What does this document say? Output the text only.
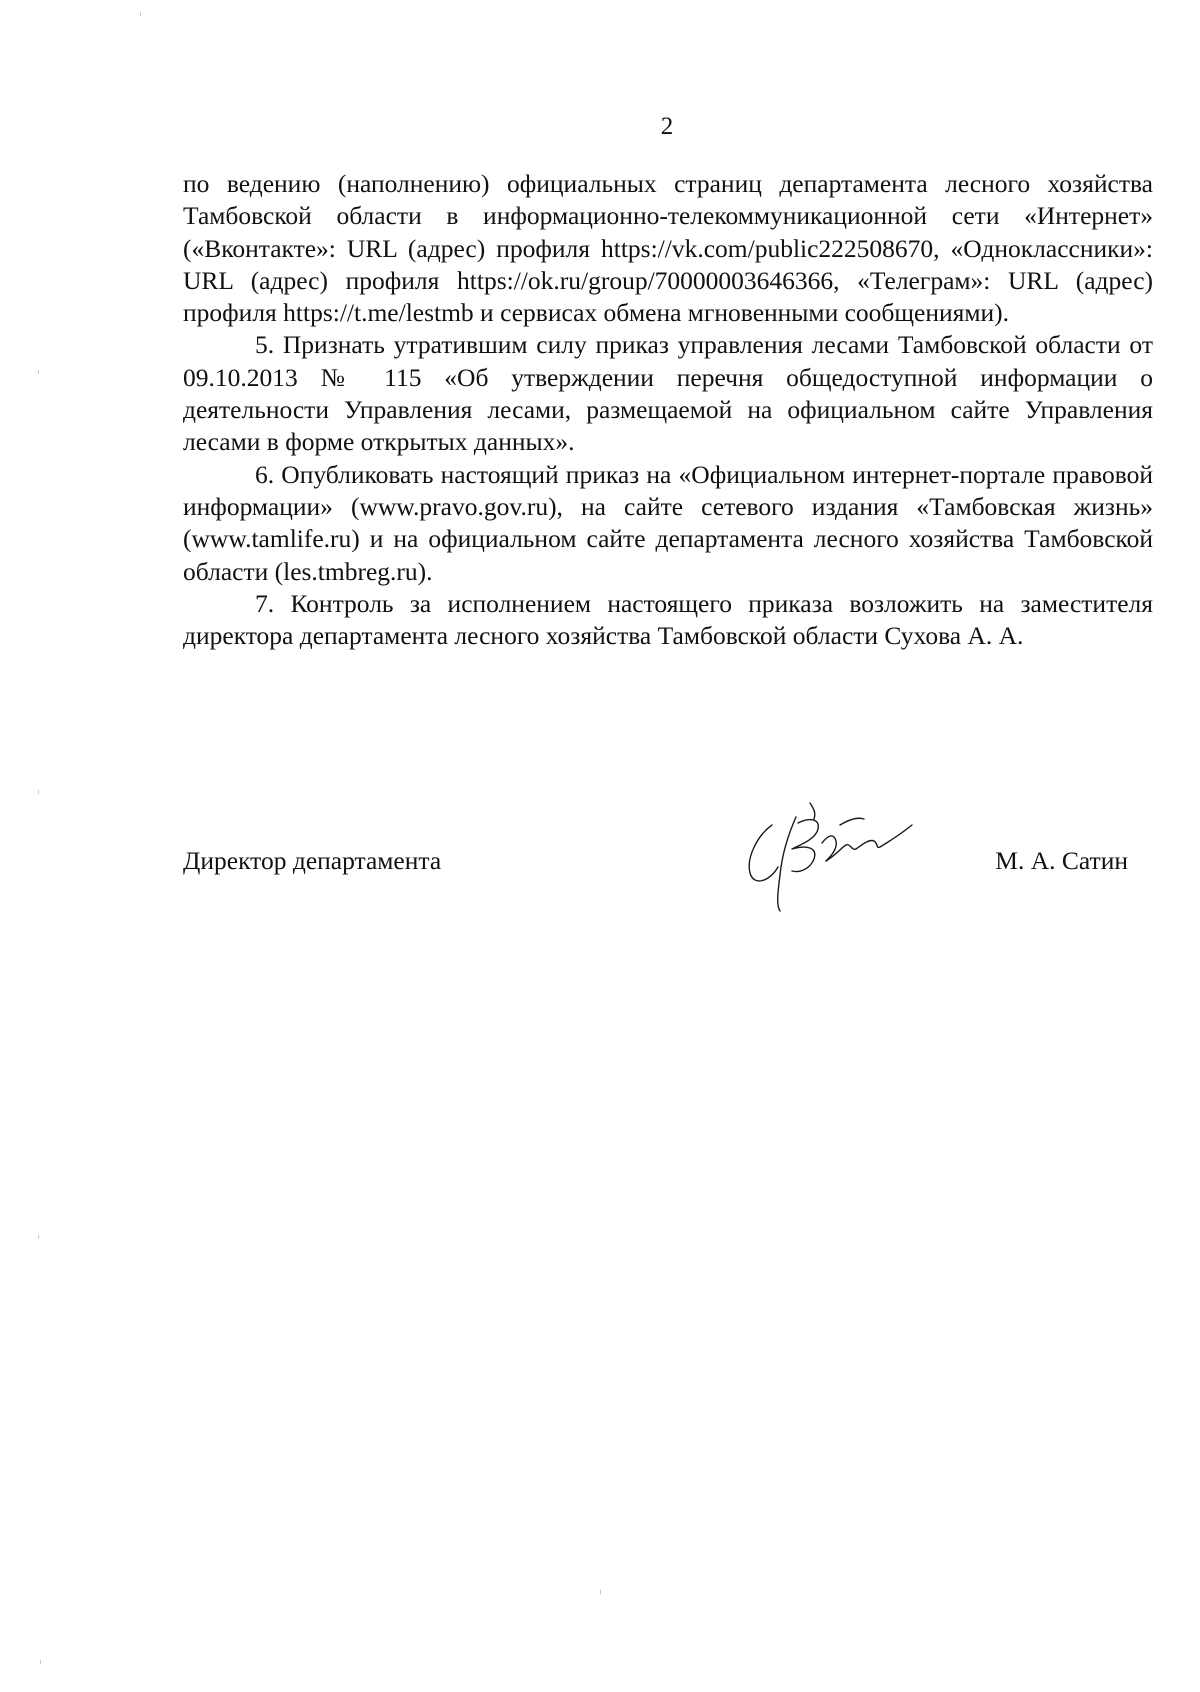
2

по ведению (наполнению) официальных страниц департамента лесного хозяйства Тамбовской области в информационно-телекоммуникационной сети «Интернет» («Вконтакте»: URL (адрес) профиля https://vk.com/public222508670, «Одноклассники»: URL (адрес) профиля https://ok.ru/group/70000003646366, «Телеграм»: URL (адрес) профиля https://t.me/lestmb и сервисах обмена мгновенными сообщениями).

5. Признать утратившим силу приказ управления лесами Тамбовской области от 09.10.2013 № 115 «Об утверждении перечня общедоступной информации о деятельности Управления лесами, размещаемой на официальном сайте Управления лесами в форме открытых данных».

6. Опубликовать настоящий приказ на «Официальном интернет-портале правовой информации» (www.pravo.gov.ru), на сайте сетевого издания «Тамбовская жизнь» (www.tamlife.ru) и на официальном сайте департамента лесного хозяйства Тамбовской области (les.tmbreg.ru).

7. Контроль за исполнением настоящего приказа возложить на заместителя директора департамента лесного хозяйства Тамбовской области Сухова А. А.

Директор департамента	М. А. Сатин
